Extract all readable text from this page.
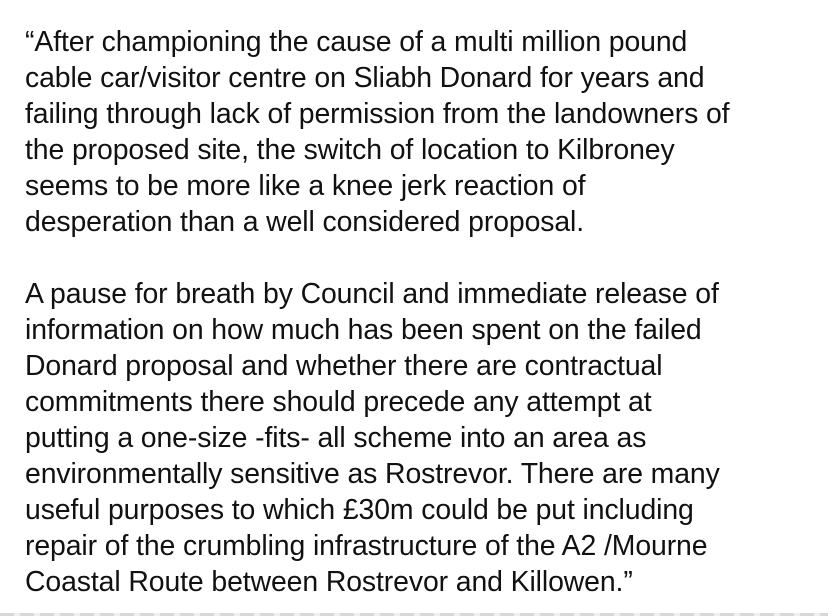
“After championing the cause of a multi million pound
cable car/visitor centre on Sliabh Donard for years and
failing through lack of permission from the landowners of
the proposed site, the switch of location to Kilbroney
seems to be more like a knee jerk reaction of
desperation than a well considered proposal.

A pause for breath by Council and immediate release of
information on how much has been spent on the failed
Donard proposal and whether there are contractual
commitments there should precede any attempt at
putting a one-size -fits- all scheme into an area as
environmentally sensitive as Rostrevor. There are many
useful purposes to which £30m could be put including
repair of the crumbling infrastructure of the A2 /Mourne
Coastal Route between Rostrevor and Killowen.”
